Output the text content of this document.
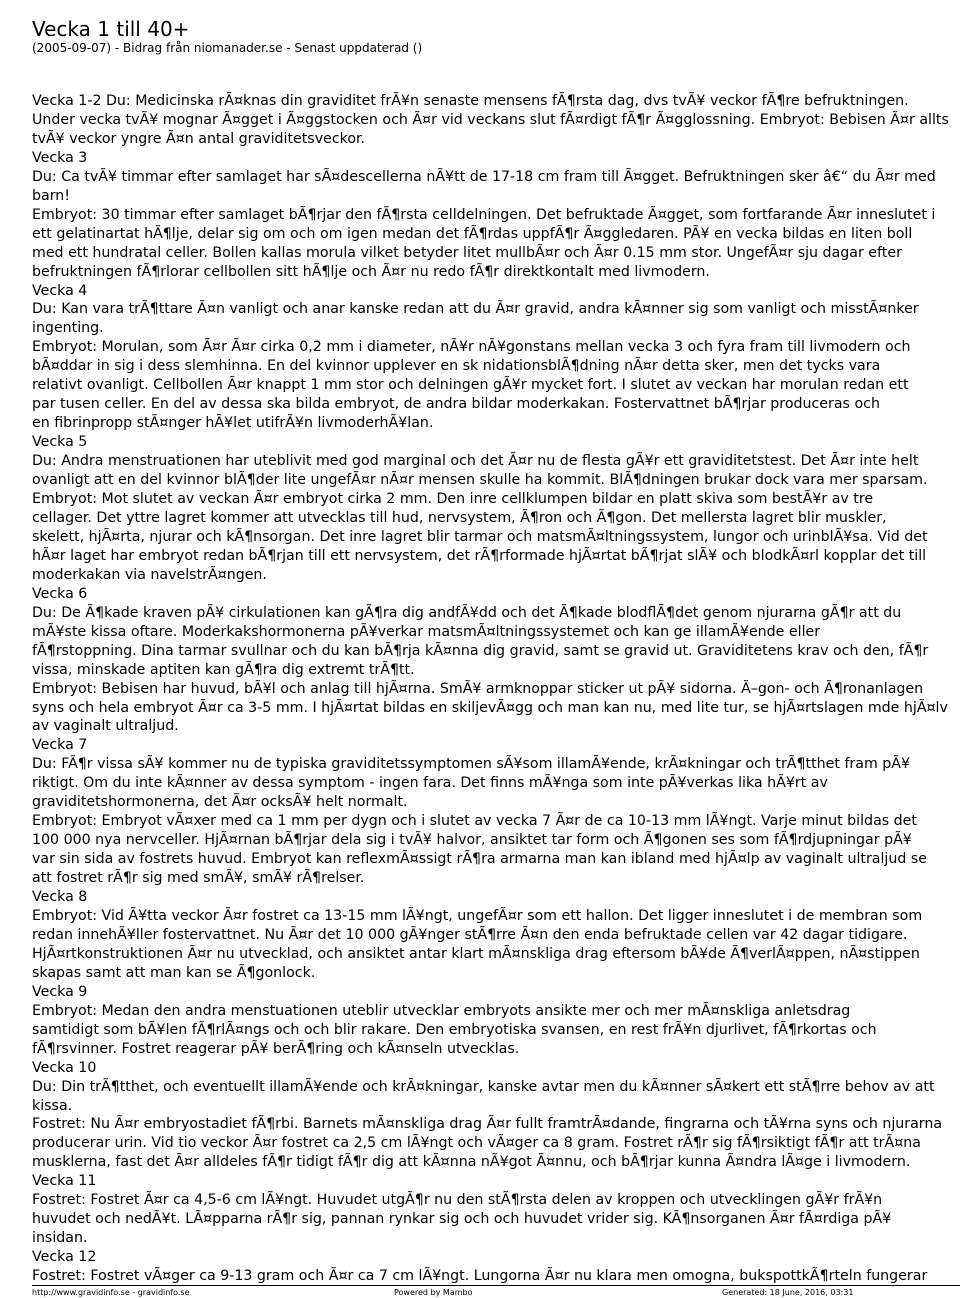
Vecka 1 till 40+
(2005-09-07) - Bidrag från niomanader.se - Senast uppdaterad ()
Vecka 1-2 Du: Medicinska rÃ¤knas din graviditet frÃ¥n senaste mensens fÃ¶rsta dag, dvs tvÃ¥ veckor fÃ¶re befruktningen.
Under vecka tvÃ¥ mognar Ã¤gget i Ã¤ggstocken och Ã¤r vid veckans slut fÃ¤rdigt fÃ¶r Ã¤gglossning. Embryot: Bebisen Ã¤r allts
tvÃ¥ veckor yngre Ã¤n antal graviditetsveckor.
Vecka 3
Du: Ca tvÃ¥ timmar efter samlaget har sÃ¤descellerna nÃ¥tt de 17-18 cm fram till Ã¤gget. Befruktningen sker â€“ du Ã¤r med
barn!
Embryot: 30 timmar efter samlaget bÃ¶rjar den fÃ¶rsta celldelningen. Det befruktade Ã¤gget, som fortfarande Ã¤r inneslutet i
ett gelatinartat hÃ¶lje, delar sig om och om igen medan det fÃ¶rdas uppfÃ¶r Ã¤ggledaren. PÃ¥ en vecka bildas en liten boll
med ett hundratal celler. Bollen kallas morula vilket betyder litet mullbÃ¤r och Ã¤r 0.15 mm stor. UngefÃ¤r sju dagar efter
befruktningen fÃ¶rlorar cellbollen sitt hÃ¶lje och Ã¤r nu redo fÃ¶r direktkontalt med livmodern.
Vecka 4
Du: Kan vara trÃ¶ttare Ã¤n vanligt och anar kanske redan att du Ã¤r gravid, andra kÃ¤nner sig som vanligt och misstÃ¤nker
ingenting.
Embryot: Morulan, som Ã¤r Ã¤r cirka 0,2 mm i diameter, nÃ¥r nÃ¥gonstans mellan vecka 3 och fyra fram till livmodern och
bÃ¤ddar in sig i dess slemhinna. En del kvinnor upplever en sk nidationsblÃ¶dning nÃ¤r detta sker, men det tycks vara
relativt ovanligt. Cellbollen Ã¤r knappt 1 mm stor och delningen gÃ¥r mycket fort. I slutet av veckan har morulan redan ett
par tusen celler. En del av dessa ska bilda embryot, de andra bildar moderkakan. Fostervattnet bÃ¶rjar produceras och
en fibrinpropp stÃ¤nger hÃ¥let utifrÃ¥n livmoderhÃ¥lan.
Vecka 5
Du: Andra menstruationen har uteblivit med god marginal och det Ã¤r nu de flesta gÃ¥r ett graviditetstest. Det Ã¤r inte helt
ovanligt att en del kvinnor blÃ¶der lite ungefÃ¤r nÃ¤r mensen skulle ha kommit. BlÃ¶dningen brukar dock vara mer sparsam.
Embryot: Mot slutet av veckan Ã¤r embryot cirka 2 mm. Den inre cellklumpen bildar en platt skiva som bestÃ¥r av tre
cellager. Det yttre lagret kommer att utvecklas till hud, nervsystem, Ã¶ron och Ã¶gon. Det mellersta lagret blir muskler,
skelett, hjÃ¤rta, njurar och kÃ¶nsorgan. Det inre lagret blir tarmar och matsmÃ¤ltningssystem, lungor och urinblÃ¥sa. Vid det
hÃ¤r laget har embryot redan bÃ¶rjan till ett nervsystem, det rÃ¶rformade hjÃ¤rtat bÃ¶rjat slÃ¥ och blodkÃ¤rl kopplar det till
moderkakan via navelstrÃ¤ngen.
Vecka 6
Du: De Ã¶kade kraven pÃ¥ cirkulationen kan gÃ¶ra dig andfÃ¥dd och det Ã¶kade blodflÃ¶det genom njurarna gÃ¶r att du
mÃ¥ste kissa oftare. Moderkakshormonerna pÃ¥verkar matsmÃ¤ltningssystemet och kan ge illamÃ¥ende eller
fÃ¶rstoppning. Dina tarmar svullnar och du kan bÃ¶rja kÃ¤nna dig gravid, samt se gravid ut. Graviditetens krav och den, fÃ¶r
vissa, minskade aptiten kan gÃ¶ra dig extremt trÃ¶tt.
Embryot: Bebisen har huvud, bÃ¥l och anlag till hjÃ¤rna. SmÃ¥ armknoppar sticker ut pÃ¥ sidorna. Ã–gon- och Ã¶ronanlagen
syns och hela embryot Ã¤r ca 3-5 mm. I hjÃ¤rtat bildas en skiljevÃ¤gg och man kan nu, med lite tur, se hjÃ¤rtslagen mde hjÃ¤lv
av vaginalt ultraljud.
Vecka 7
Du: FÃ¶r vissa sÃ¥ kommer nu de typiska graviditetssymptomen sÃ¥som illamÃ¥ende, krÃ¤kningar och trÃ¶tthet fram pÃ¥
riktigt. Om du inte kÃ¤nner av dessa symptom - ingen fara. Det finns mÃ¥nga som inte pÃ¥verkas lika hÃ¥rt av
graviditetshormonerna, det Ã¤r ocksÃ¥ helt normalt.
Embryot: Embryot vÃ¤xer med ca 1 mm per dygn och i slutet av vecka 7 Ã¤r de ca 10-13 mm lÃ¥ngt. Varje minut bildas det
100 000 nya nervceller. HjÃ¤rnan bÃ¶rjar dela sig i tvÃ¥ halvor, ansiktet tar form och Ã¶gonen ses som fÃ¶rdjupningar pÃ¥
var sin sida av fostrets huvud. Embryot kan reflexmÃ¤ssigt rÃ¶ra armarna man kan ibland med hjÃ¤lp av vaginalt ultraljud se
att fostret rÃ¶r sig med smÃ¥, smÃ¥ rÃ¶relser.
Vecka 8
Embryot: Vid Ã¥tta veckor Ã¤r fostret ca 13-15 mm lÃ¥ngt, ungefÃ¤r som ett hallon. Det ligger inneslutet i de membran som
redan innehÃ¥ller fostervattnet. Nu Ã¤r det 10 000 gÃ¥nger stÃ¶rre Ã¤n den enda befruktade cellen var 42 dagar tidigare.
HjÃ¤rtkonstruktionen Ã¤r nu utvecklad, och ansiktet antar klart mÃ¤nskliga drag eftersom bÃ¥de Ã¶verlÃ¤ppen, nÃ¤stippen
skapas samt att man kan se Ã¶gonlock.
Vecka 9
Embryot: Medan den andra menstuationen uteblir utvecklar embryots ansikte mer och mer mÃ¤nskliga anletsdrag
samtidigt som bÃ¥len fÃ¶rlÃ¤ngs och och blir rakare. Den embryotiska svansen, en rest frÃ¥n djurlivet, fÃ¶rkortas och
fÃ¶rsvinner. Fostret reagerar pÃ¥ berÃ¶ring och kÃ¤nseln utvecklas.
Vecka 10
Du: Din trÃ¶tthet, och eventuellt illamÃ¥ende och krÃ¤kningar, kanske avtar men du kÃ¤nner sÃ¤kert ett stÃ¶rre behov av att
kissa.
Fostret: Nu Ã¤r embryostadiet fÃ¶rbi. Barnets mÃ¤nskliga drag Ã¤r fullt framtrÃ¤dande, fingrarna och tÃ¥rna syns och njurarna
producerar urin. Vid tio veckor Ã¤r fostret ca 2,5 cm lÃ¥ngt och vÃ¤ger ca 8 gram. Fostret rÃ¶r sig fÃ¶rsiktigt fÃ¶r att trÃ¤na
musklerna, fast det Ã¤r alldeles fÃ¶r tidigt fÃ¶r dig att kÃ¤nna nÃ¥got Ã¤nnu, och bÃ¶rjar kunna Ã¤ndra lÃ¤ge i livmodern.
Vecka 11
Fostret: Fostret Ã¤r ca 4,5-6 cm lÃ¥ngt. Huvudet utgÃ¶r nu den stÃ¶rsta delen av kroppen och utvecklingen gÃ¥r frÃ¥n
huvudet och nedÃ¥t. LÃ¤pparna rÃ¶r sig, pannan rynkar sig och och huvudet vrider sig. KÃ¶nsorganen Ã¤r fÃ¤rdiga pÃ¥
insidan.
Vecka 12
Fostret: Fostret vÃ¤ger ca 9-13 gram och Ã¤r ca 7 cm lÃ¥ngt. Lungorna Ã¤r nu klara men omogna, bukspottkÃ¶rteln fungerar
http://www.gravidinfo.se - gravidinfo.se	Powered by Mambo	Generated: 18 June, 2016, 03:31
